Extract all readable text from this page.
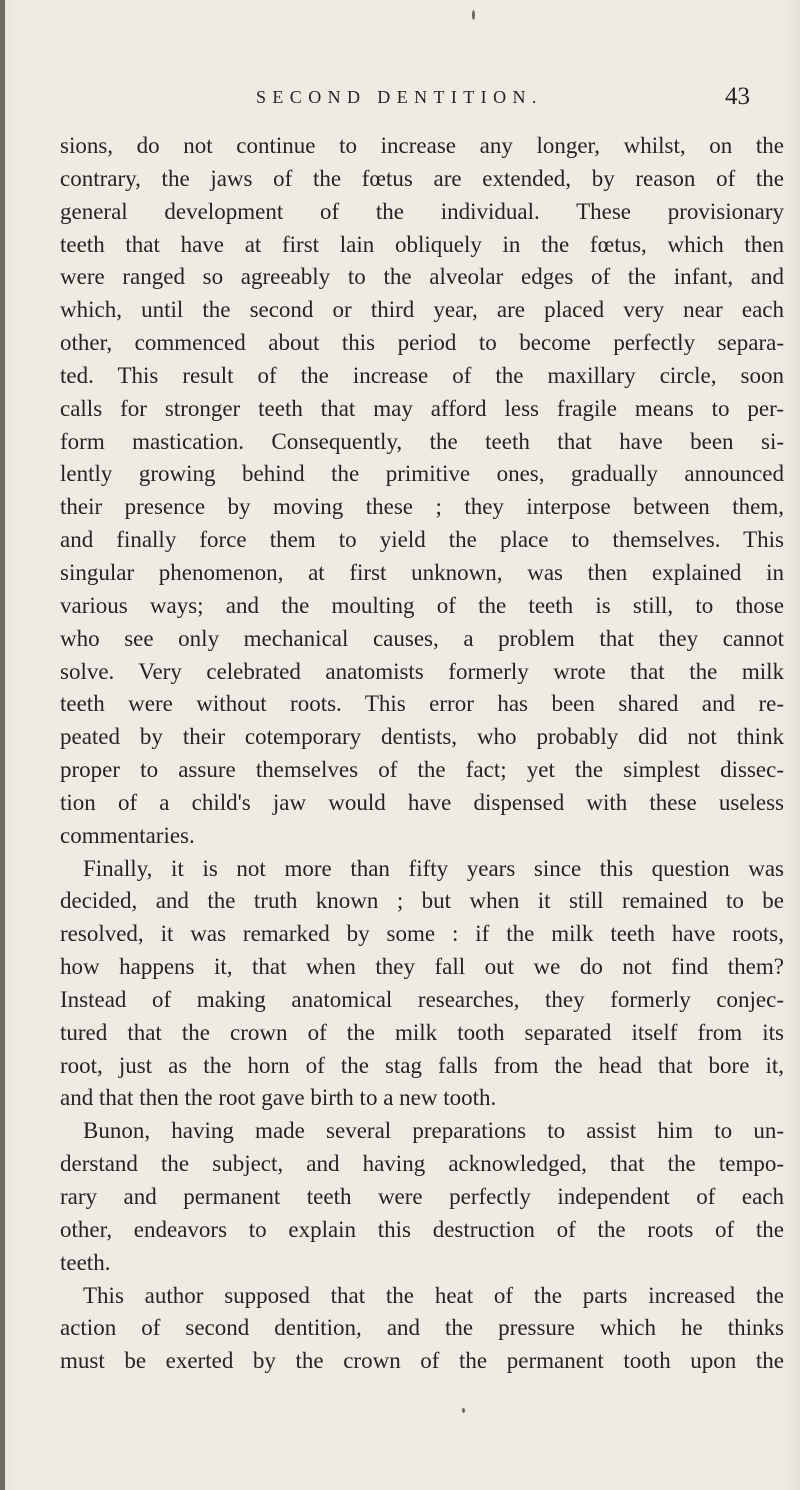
SECOND DENTITION.	43
sions, do not continue to increase any longer, whilst, on the
contrary, the jaws of the fœtus are extended, by reason of the
general development of the individual. These provisionary
teeth that have at first lain obliquely in the fœtus, which then
were ranged so agreeably to the alveolar edges of the infant, and
which, until the second or third year, are placed very near each
other, commenced about this period to become perfectly separa-
ted. This result of the increase of the maxillary circle, soon
calls for stronger teeth that may afford less fragile means to per-
form mastication. Consequently, the teeth that have been si-
lently growing behind the primitive ones, gradually announced
their presence by moving these ; they interpose between them,
and finally force them to yield the place to themselves. This
singular phenomenon, at first unknown, was then explained in
various ways; and the moulting of the teeth is still, to those
who see only mechanical causes, a problem that they cannot
solve. Very celebrated anatomists formerly wrote that the milk
teeth were without roots. This error has been shared and re-
peated by their cotemporary dentists, who probably did not think
proper to assure themselves of the fact; yet the simplest dissec-
tion of a child's jaw would have dispensed with these useless
commentaries.
Finally, it is not more than fifty years since this question was
decided, and the truth known ; but when it still remained to be
resolved, it was remarked by some : if the milk teeth have roots,
how happens it, that when they fall out we do not find them?
Instead of making anatomical researches, they formerly conjec-
tured that the crown of the milk tooth separated itself from its
root, just as the horn of the stag falls from the head that bore it,
and that then the root gave birth to a new tooth.
Bunon, having made several preparations to assist him to un-
derstand the subject, and having acknowledged, that the tempo-
rary and permanent teeth were perfectly independent of each
other, endeavors to explain this destruction of the roots of the
teeth.
This author supposed that the heat of the parts increased the
action of second dentition, and the pressure which he thinks
must be exerted by the crown of the permanent tooth upon the
